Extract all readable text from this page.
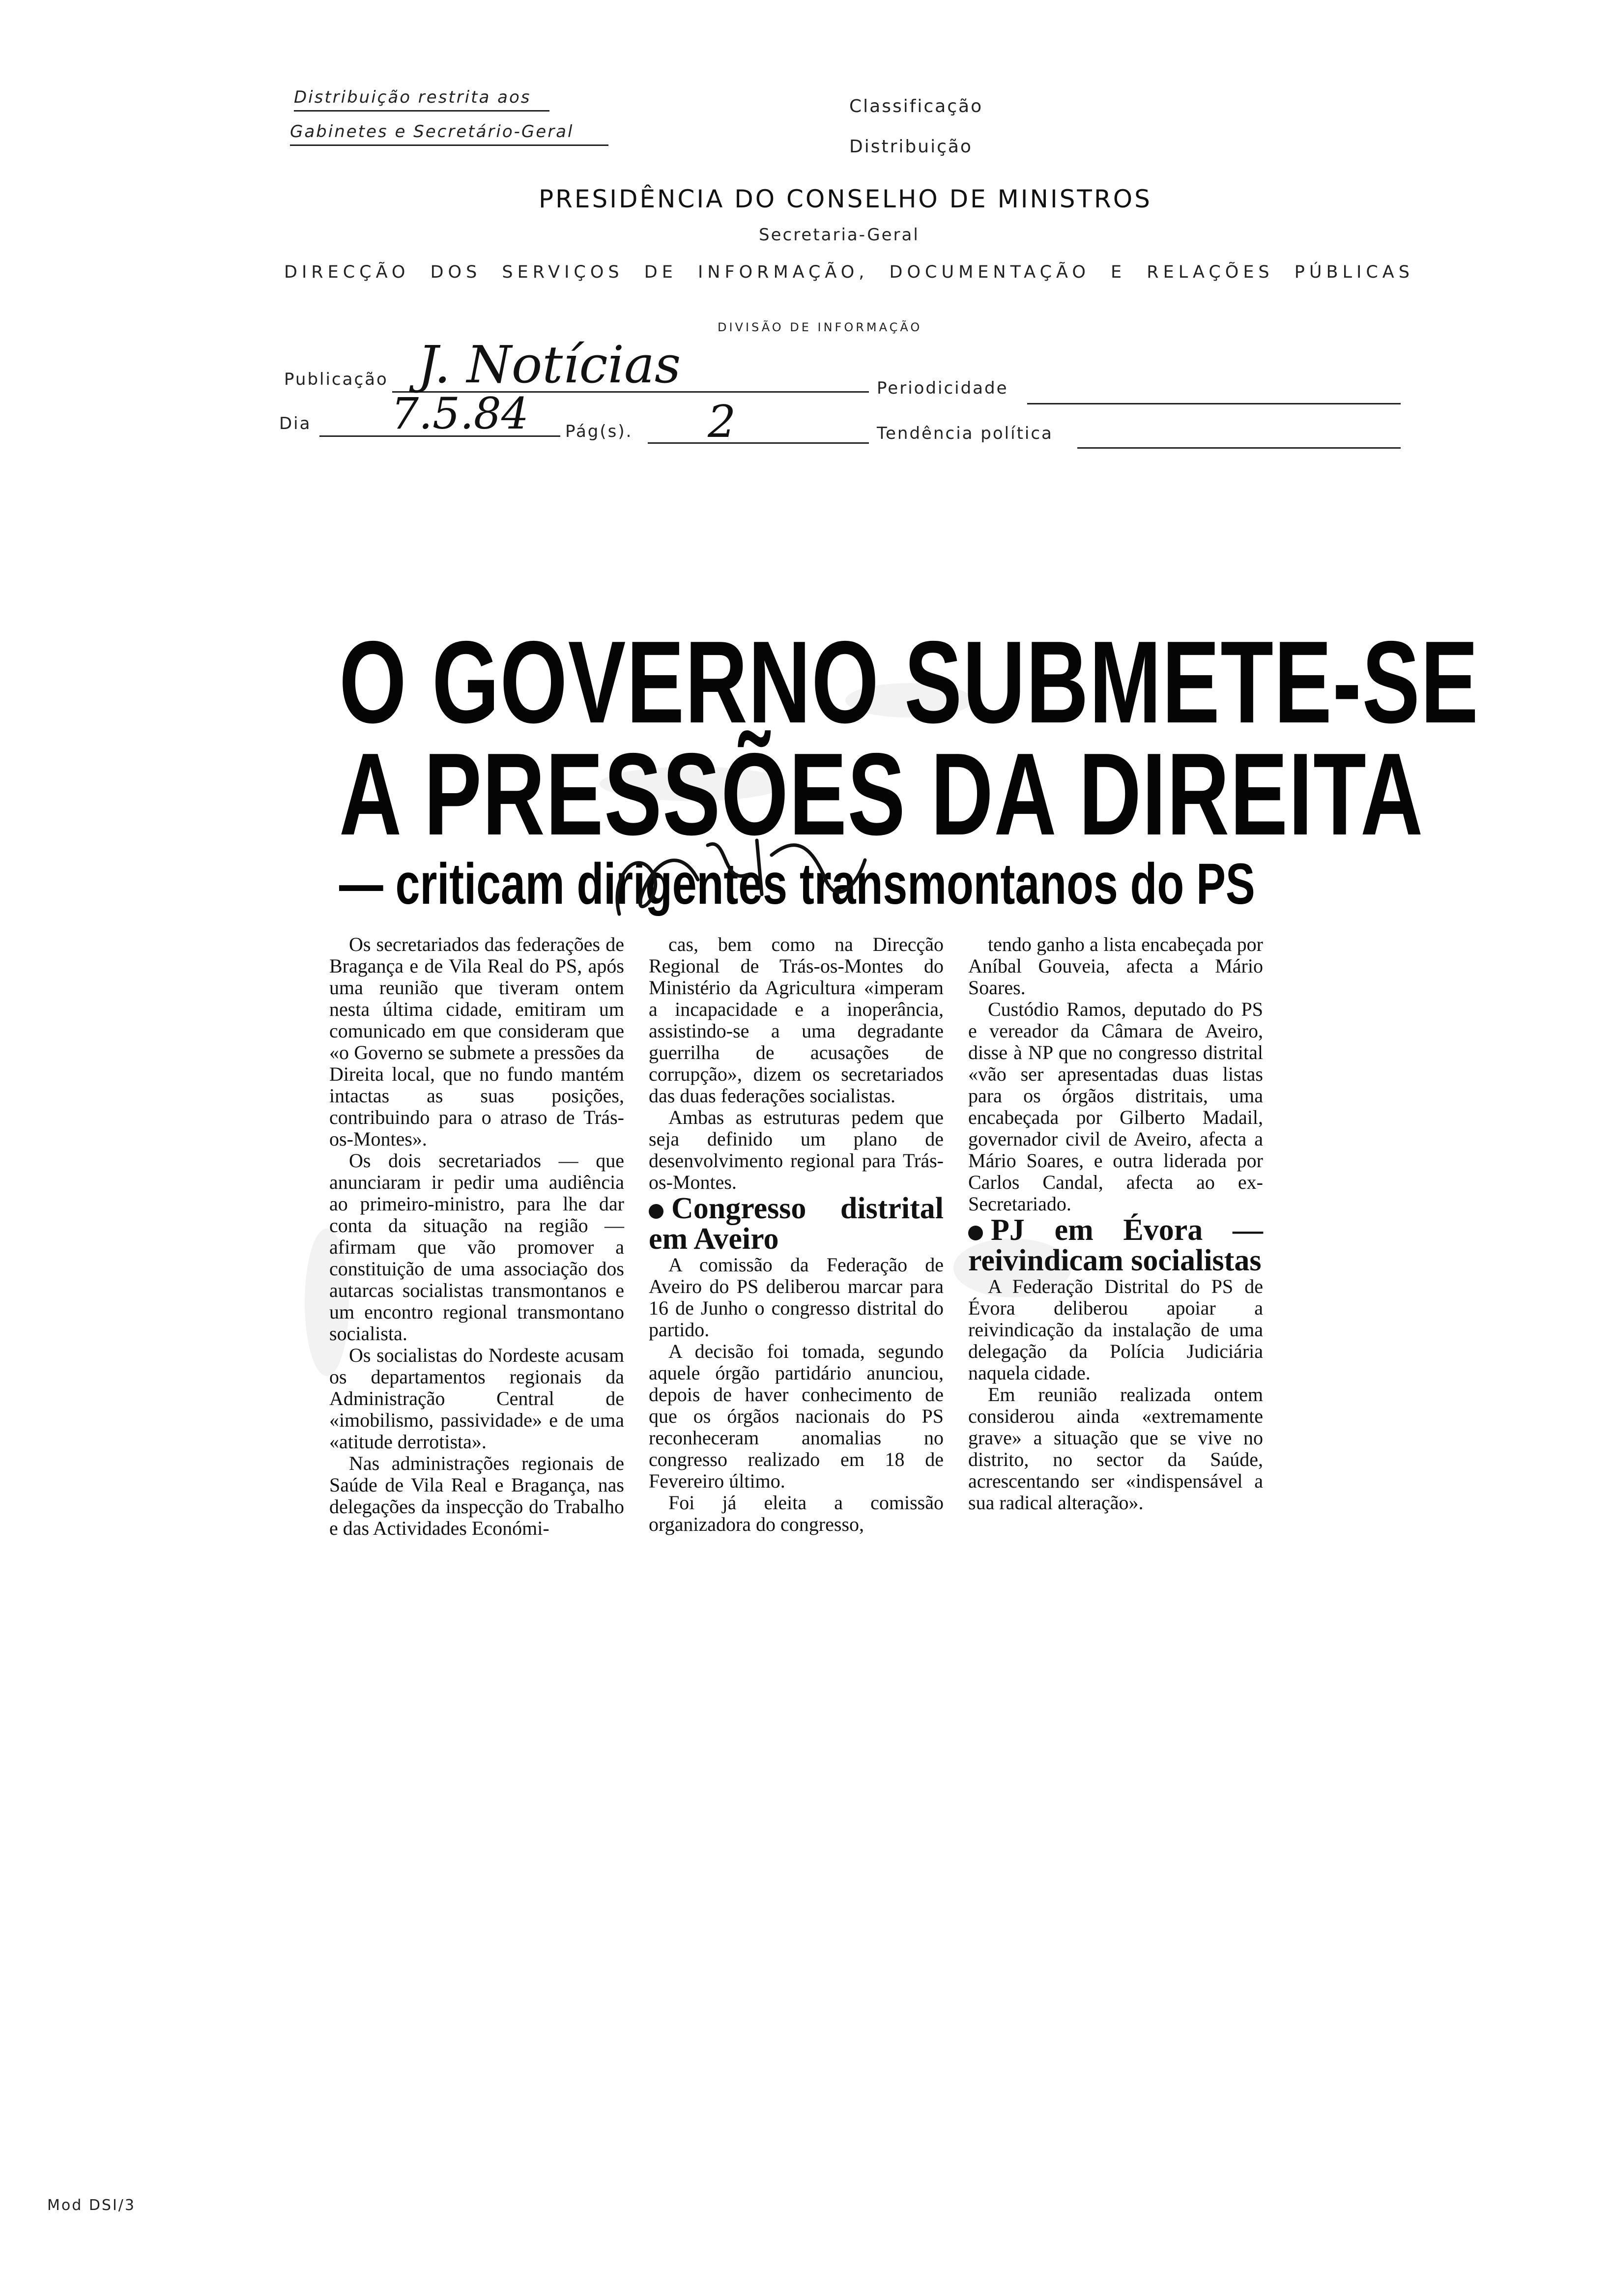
Distribuição restrita aos
Gabinetes e Secretário-Geral
Classificação
Distribuição
PRESIDÊNCIA DO CONSELHO DE MINISTROS
Secretaria-Geral
DIRECÇÃO DOS SERVIÇOS DE INFORMAÇÃO, DOCUMENTAÇÃO E RELAÇÕES PÚBLICAS
DIVISÃO DE INFORMAÇÃO
Publicação J. Notícias	Periodicidade
Dia 7.5.84 Pág(s). 2	Tendência política
O GOVERNO SUBMETE-SE
A PRESSÕES DA DIREITA
— criticam dirigentes transmontanos do PS

Os secretariados das federações de Bragança e de Vila Real do PS, após uma reunião que tiveram ontem nesta última cidade, emitiram um comunicado em que consideram que «o Governo se submete a pressões da Direita local, que no fundo mantém intactas as suas posições, contribuindo para o atraso de Trás-os-Montes».

Os dois secretariados — que anunciaram ir pedir uma audiência ao primeiro-ministro, para lhe dar conta da situação na região — afirmam que vão promover a constituição de uma associação dos autarcas socialistas transmontanos e um encontro regional transmontano socialista.

Os socialistas do Nordeste acusam os departamentos regionais da Administração Central de «imobilismo, passividade» e de uma «atitude derrotista».

Nas administrações regionais de Saúde de Vila Real e Bragança, nas delegações da inspecção do Trabalho e das Actividades Económi-

cas, bem como na Direcção Regional de Trás-os-Montes do Ministério da Agricultura «imperam a incapacidade e a inoperância, assistindo-se a uma degradante guerrilha de acusações de corrupção», dizem os secretariados das duas federações socialistas.

Ambas as estruturas pedem que seja definido um plano de desenvolvimento regional para Trás-os-Montes.

Congresso distrital em Aveiro

A comissão da Federação de Aveiro do PS deliberou marcar para 16 de Junho o congresso distrital do partido.

A decisão foi tomada, segundo aquele órgão partidário anunciou, depois de haver conhecimento de que os órgãos nacionais do PS reconheceram anomalias no congresso realizado em 18 de Fevereiro último.

Foi já eleita a comissão organizadora do congresso,

tendo ganho a lista encabeçada por Aníbal Gouveia, afecta a Mário Soares.

Custódio Ramos, deputado do PS e vereador da Câmara de Aveiro, disse à NP que no congresso distrital «vão ser apresentadas duas listas para os órgãos distritais, uma encabeçada por Gilberto Madail, governador civil de Aveiro, afecta a Mário Soares, e outra liderada por Carlos Candal, afecta ao ex-Secretariado.

PJ em Évora — reivindicam socialistas

A Federação Distrital do PS de Évora deliberou apoiar a reivindicação da instalação de uma delegação da Polícia Judiciária naquela cidade.

Em reunião realizada ontem considerou ainda «extremamente grave» a situação que se vive no distrito, no sector da Saúde, acrescentando ser «indispensável a sua radical alteração».

Mod DSI/3
